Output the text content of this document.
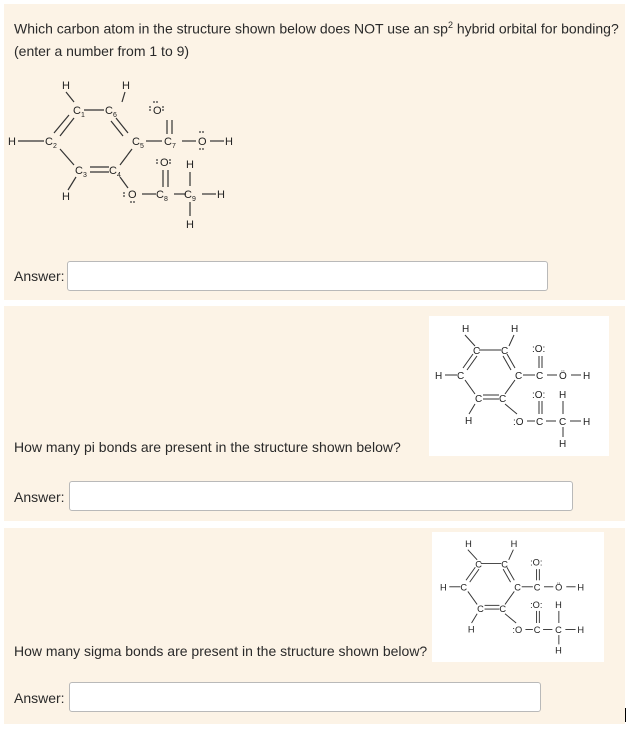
Which carbon atom in the structure shown below does NOT use an $sp^2$ hybrid orbital for bonding?
(enter a number from 1 to 9)
H	H
$C_1$ $C_6$
H	$C_2$	$C_5$ $C_7$
O
O H
$C_3$ $C_4$
H	O $C_8$
O
$C_9$
H
H
H
Answer:
How many pi bonds are present in the structure shown below?
H	H
C C
H C	C C
:O:
Ö H
C C	:O: H
H	:O C C H
H
Answer:
How many sigma bonds are present in the structure shown below?
H	H
C C
H C	C C
:O:
Ö H
C C :O: H
H	:O C C H
H
Answer:
